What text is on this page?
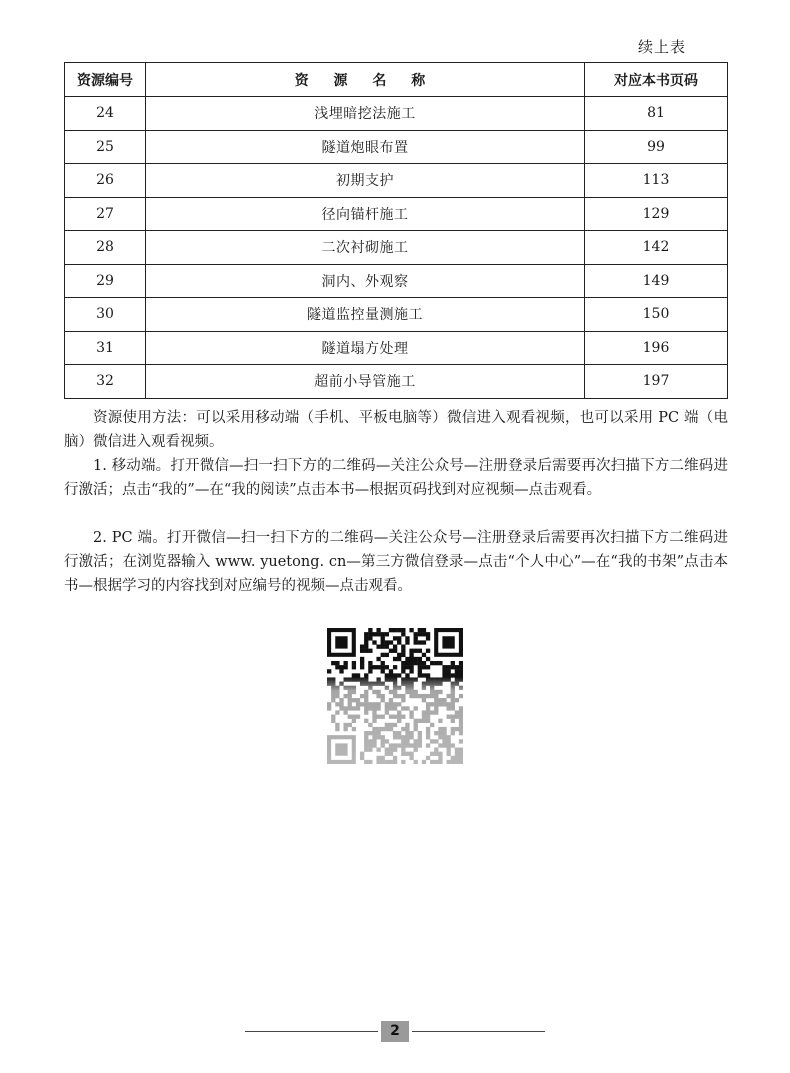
续上表
资源编号	资 源 名 称	对应本书页码
24	浅埋暗挖法施工	81
25	隧道炮眼布置	99
26	初期支护	113
27	径向锚杆施工	129
28	二次衬砌施工	142
29	洞内、外观察	149
30	隧道监控量测施工	150
31	隧道塌方处理	196
32	超前小导管施工	197

资源使用方法：可以采用移动端（手机、平板电脑等）微信进入观看视频，也可以采用 PC 端（电脑）微信进入观看视频。

1. 移动端。打开微信—扫一扫下方的二维码—关注公众号—注册登录后需要再次扫描下方二维码进行激活；点击“我的”—在“我的阅读”点击本书—根据页码找到对应视频—点击观看。

2. PC 端。打开微信—扫一扫下方的二维码—关注公众号—注册登录后需要再次扫描下方二维码进行激活；在浏览器输入 www. yuetong. cn—第三方微信登录—点击“个人中心”—在“我的书架”点击本书—根据学习的内容找到对应编号的视频—点击观看。

2
